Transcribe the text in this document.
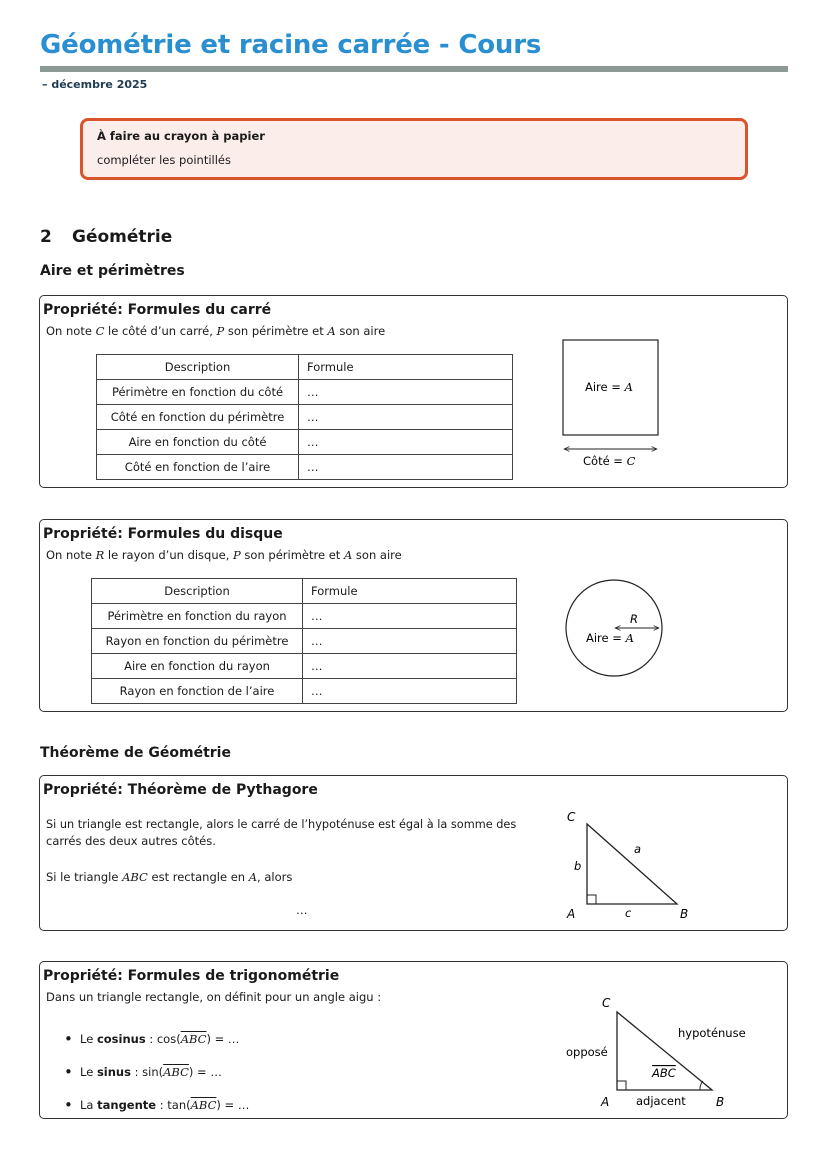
Géométrie et racine carrée - Cours
– décembre 2025
À faire au crayon à papier
compléter les pointillés
2 Géométrie
Aire et périmètres
Propriété: Formules du carré
On note C le côté d’un carré, P son périmètre et A son aire
Description	Formule
Périmètre en fonction du côté	…
Côté en fonction du périmètre	…
Aire en fonction du côté	…
Côté en fonction de l’aire	…
Aire = A
Côté = C
Propriété: Formules du disque
On note R le rayon d’un disque, P son périmètre et A son aire
Description	Formule
Périmètre en fonction du rayon	…
Rayon en fonction du périmètre	…
Aire en fonction du rayon	…
Rayon en fonction de l’aire	…
R
Aire = A
Théorème de Géométrie
Propriété: Théorème de Pythagore
Si un triangle est rectangle, alors le carré de l’hypoténuse est égal à la somme des
carrés des deux autres côtés.
Si le triangle ABC est rectangle en A, alors
…
C
A	B
a
b
c
Propriété: Formules de trigonométrie
Dans un triangle rectangle, on définit pour un angle aigu :
• Le cosinus : $\cos(\overline{ABC})$ = …
• Le sinus : $\sin(\overline{ABC})$ = …
• La tangente : $\tan(\overline{ABC})$ = …
C
A	B
hypoténuse
opposé
adjacent
ABC
